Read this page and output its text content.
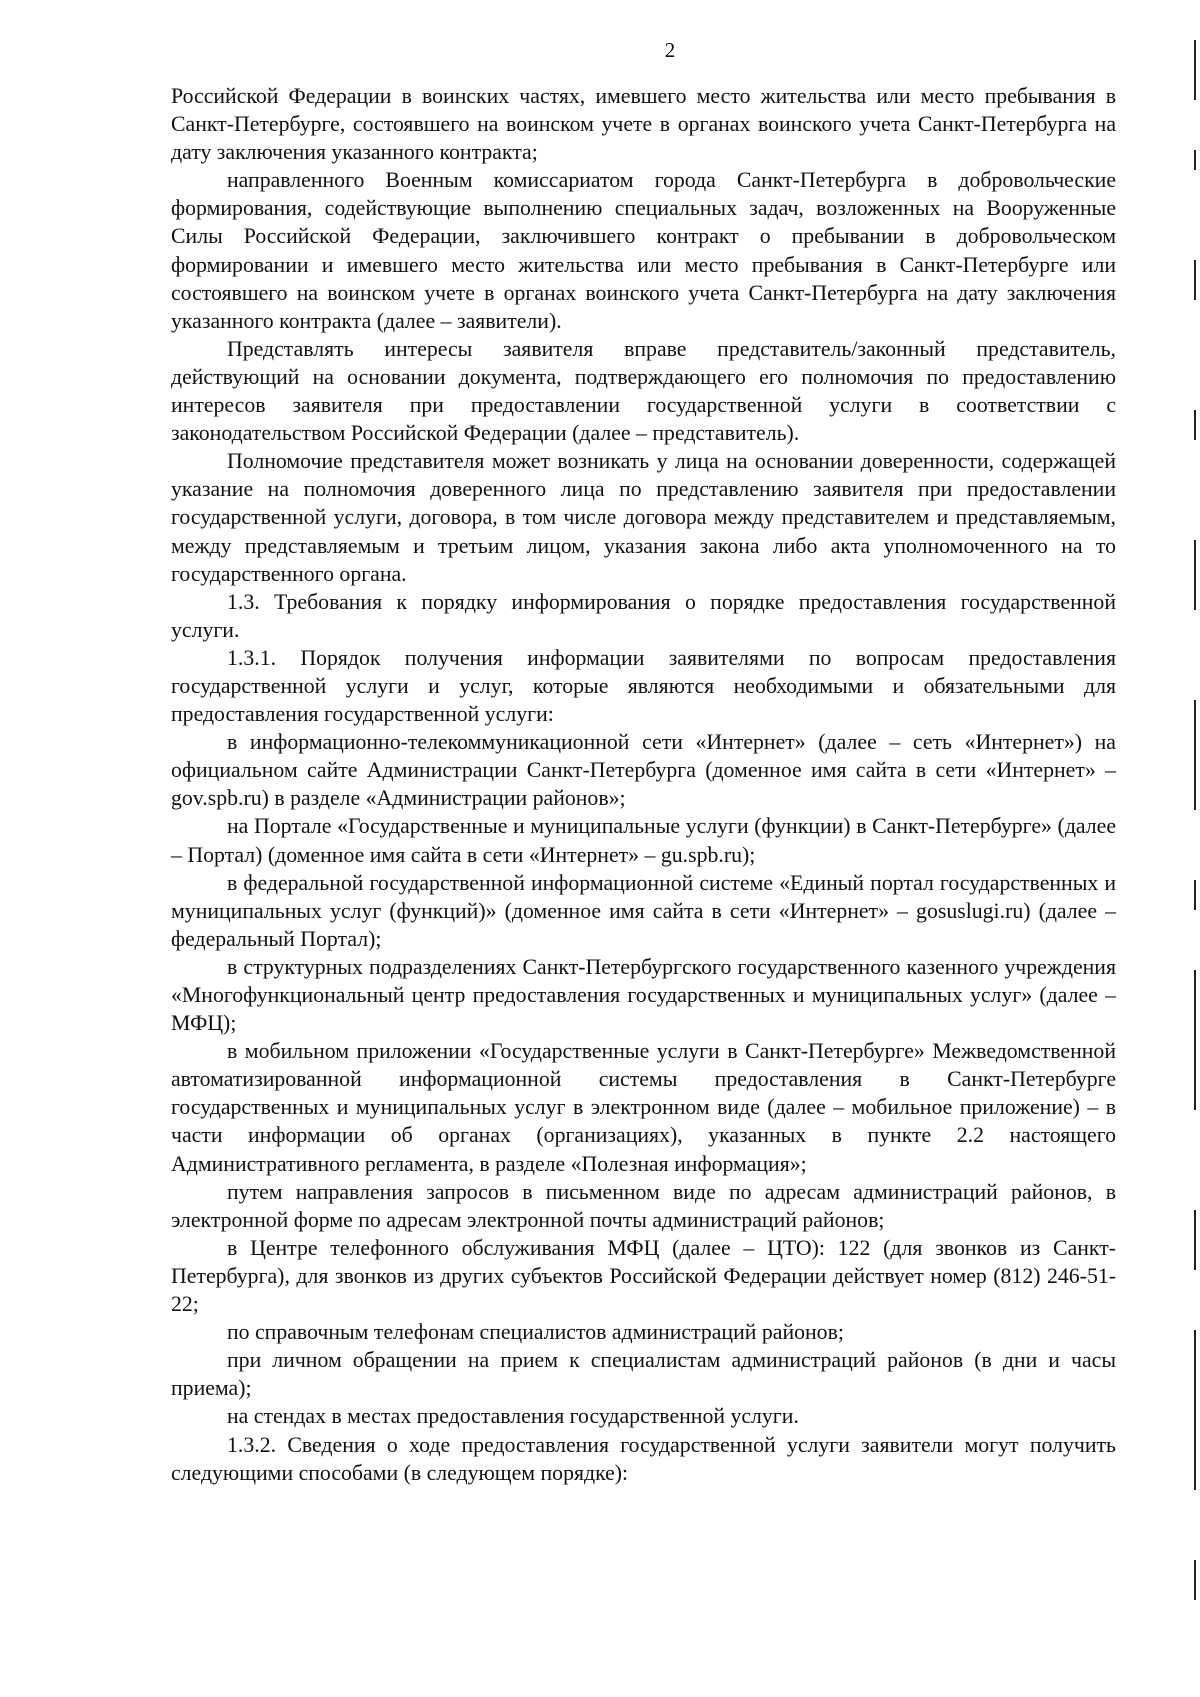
2

Российской Федерации в воинских частях, имевшего место жительства или место пребывания в Санкт-Петербурге, состоявшего на воинском учете в органах воинского учета Санкт-Петербурга на дату заключения указанного контракта;

направленного Военным комиссариатом города Санкт-Петербурга в добровольческие формирования, содействующие выполнению специальных задач, возложенных на Вооруженные Силы Российской Федерации, заключившего контракт о пребывании в добровольческом формировании и имевшего место жительства или место пребывания в Санкт-Петербурге или состоявшего на воинском учете в органах воинского учета Санкт-Петербурга на дату заключения указанного контракта (далее – заявители).

Представлять интересы заявителя вправе представитель/законный представитель, действующий на основании документа, подтверждающего его полномочия по предоставлению интересов заявителя при предоставлении государственной услуги в соответствии с законодательством Российской Федерации (далее – представитель).

Полномочие представителя может возникать у лица на основании доверенности, содержащей указание на полномочия доверенного лица по представлению заявителя при предоставлении государственной услуги, договора, в том числе договора между представителем и представляемым, между представляемым и третьим лицом, указания закона либо акта уполномоченного на то государственного органа.

1.3. Требования к порядку информирования о порядке предоставления государственной услуги.

1.3.1. Порядок получения информации заявителями по вопросам предоставления государственной услуги и услуг, которые являются необходимыми и обязательными для предоставления государственной услуги:

в информационно-телекоммуникационной сети «Интернет» (далее – сеть «Интернет») на официальном сайте Администрации Санкт-Петербурга (доменное имя сайта в сети «Интернет» – gov.spb.ru) в разделе «Администрации районов»;

на Портале «Государственные и муниципальные услуги (функции) в Санкт-Петербурге» (далее – Портал) (доменное имя сайта в сети «Интернет» – gu.spb.ru);

в федеральной государственной информационной системе «Единый портал государственных и муниципальных услуг (функций)» (доменное имя сайта в сети «Интернет» – gosuslugi.ru) (далее – федеральный Портал);

в структурных подразделениях Санкт-Петербургского государственного казенного учреждения «Многофункциональный центр предоставления государственных и муниципальных услуг» (далее – МФЦ);

в мобильном приложении «Государственные услуги в Санкт-Петербурге» Межведомственной автоматизированной информационной системы предоставления в Санкт-Петербурге государственных и муниципальных услуг в электронном виде (далее – мобильное приложение) – в части информации об органах (организациях), указанных в пункте 2.2 настоящего Административного регламента, в разделе «Полезная информация»;

путем направления запросов в письменном виде по адресам администраций районов, в электронной форме по адресам электронной почты администраций районов;

в Центре телефонного обслуживания МФЦ (далее – ЦТО): 122 (для звонков из Санкт-Петербурга), для звонков из других субъектов Российской Федерации действует номер (812) 246-51-22;

по справочным телефонам специалистов администраций районов;

при личном обращении на прием к специалистам администраций районов (в дни и часы приема);

на стендах в местах предоставления государственной услуги.

1.3.2. Сведения о ходе предоставления государственной услуги заявители могут получить следующими способами (в следующем порядке):
